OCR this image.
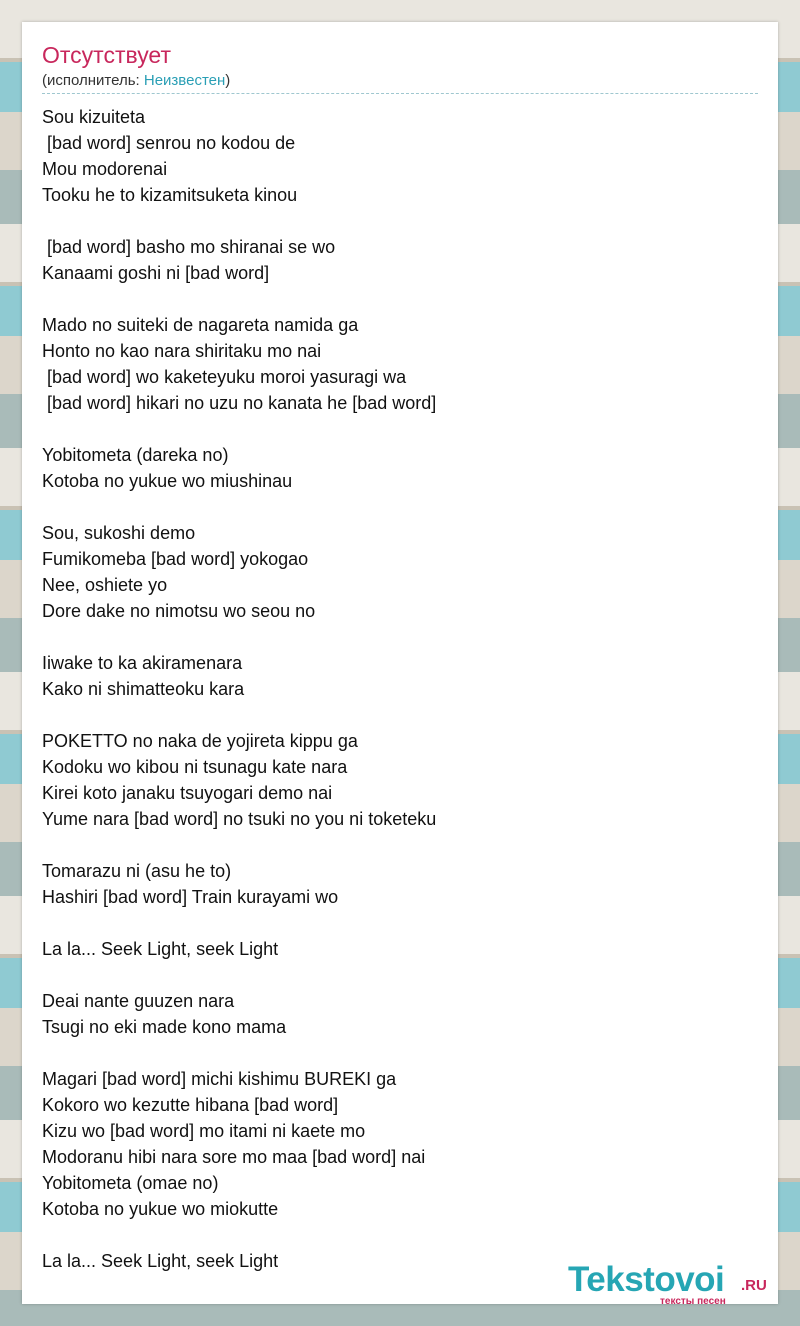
Отсутствует
(исполнитель: Неизвестен)
Sou kizuiteta
[bad word] senrou no kodou de
Mou modorenai
Tooku he to kizamitsuketa kinou
[bad word] basho mo shiranai se wo
Kanaami goshi ni [bad word]
Mado no suiteki de nagareta namida ga
Honto no kao nara shiritaku mo nai
[bad word] wo kaketeyuku moroi yasuragi wa
[bad word] hikari no uzu no kanata he [bad word]
Yobitometa (dareka no)
Kotoba no yukue wo miushinau
Sou, sukoshi demo
Fumikomeba [bad word] yokogao
Nee, oshiete yo
Dore dake no nimotsu wo seou no
Iiwake to ka akiramenara
Kako ni shimatteoku kara
POKETTO no naka de yojireta kippu ga
Kodoku wo kibou ni tsunagu kate nara
Kirei koto janaku tsuyogari demo nai
Yume nara [bad word] no tsuki no you ni toketeku
Tomarazu ni (asu he to)
Hashiri [bad word] Train kurayami wo
La la... Seek Light, seek Light
Deai nante guuzen nara
Tsugi no eki made kono mama
Magari [bad word] michi kishimu BUREKI ga
Kokoro wo kezutte hibana [bad word]
Kizu wo [bad word] mo itami ni kaete mo
Modoranu hibi nara sore mo maa [bad word] nai
Yobitometa (omae no)
Kotoba no yukue wo miokutte
La la... Seek Light, seek Light	Tekstovoi .RU
тексты песен
